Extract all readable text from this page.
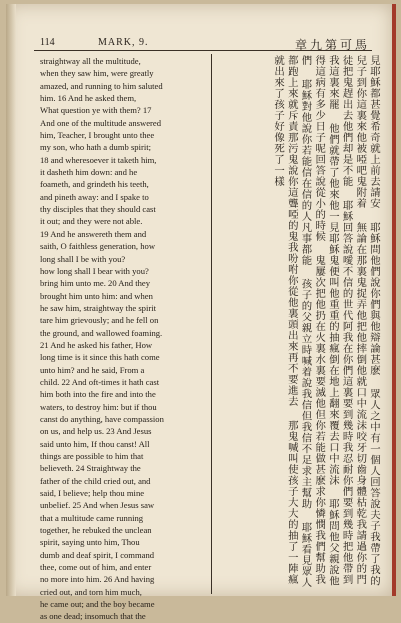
114	MARK, 9.	章九第可馬
straightway all the multitude,
when they saw him, were greatly
amazed, and running to him saluted
him. 16 And he asked them,
What question ye with them? 17
And one of the multitude answered
him, Teacher, I brought unto thee
my son, who hath a dumb spirit;
18 and wheresoever it taketh him,
it dasheth him down: and he
foameth, and grindeth his teeth,
and pineth away: and I spake to
thy disciples that they should cast
it out; and they were not able.
19 And he answereth them and
saith, O faithless generation, how
long shall I be with you?
how long shall I bear with you?
bring him unto me. 20 And they
brought him unto him: and when
he saw him, straightway the spirit
tare him grievously; and he fell on
the ground, and wallowed foaming.
21 And he asked his father, How
long time is it since this hath come
unto him? and he said, From a
child. 22 And oft-times it hath cast
him both into the fire and into the
waters, to destroy him: but if thou
canst do anything, have compassion
on us, and help us. 23 And Jesus
said unto him, If thou canst! All
things are possible to him that
believeth. 24 Straightway the
father of the child cried out, and
said, I believe; help thou mine
unbelief. 25 And when Jesus saw
that a multitude came running
together, he rebuked the unclean
spirit, saying unto him, Thou
dumb and deaf spirit, I command
thee, come out of him, and enter
no more into him. 26 And having
cried out, and torn him much,
he came out; and the boy became
as one dead; insomuch that the
見耶穌都甚覺希奇就上前去請安 耶穌問他們說你們與他辯論甚麽 眾人之中有一個人回答說夫子我帶了我的兒子到你這裏來他被啞吧鬼附着 無論在那裏鬼捉弄他把他摔倒他就口中流沫咬牙切齒身體枯乾我請過你的門徒把鬼趕出去他們却是不能 耶穌回答說噯不信的世代阿我在你們這裏要到幾時我忍耐你們要到幾時把他帶到我這裏來罷 他們就帶了他來他一見耶穌鬼便叫他重重的抽瘋倒在地上翻來覆去口中流沫 耶穌問他父親說他得這病有多少日子呢回答說從小的時候 鬼屢次把他扔在火裏水裏要滅他但你若能做甚麽求你憐憫我們幫助我們 耶穌對他說你若能信在信的人凡事都能 孩子的父親立時喊着說我信但我信不足求主幫助 耶穌看見眾人都跑上來就斥責那污鬼說你這聾啞的鬼我吩咐你從他裏頭出來再不要進去 那鬼喊叫使孩子大大的抽了一陣瘋就出來了孩子好像死了一樣
